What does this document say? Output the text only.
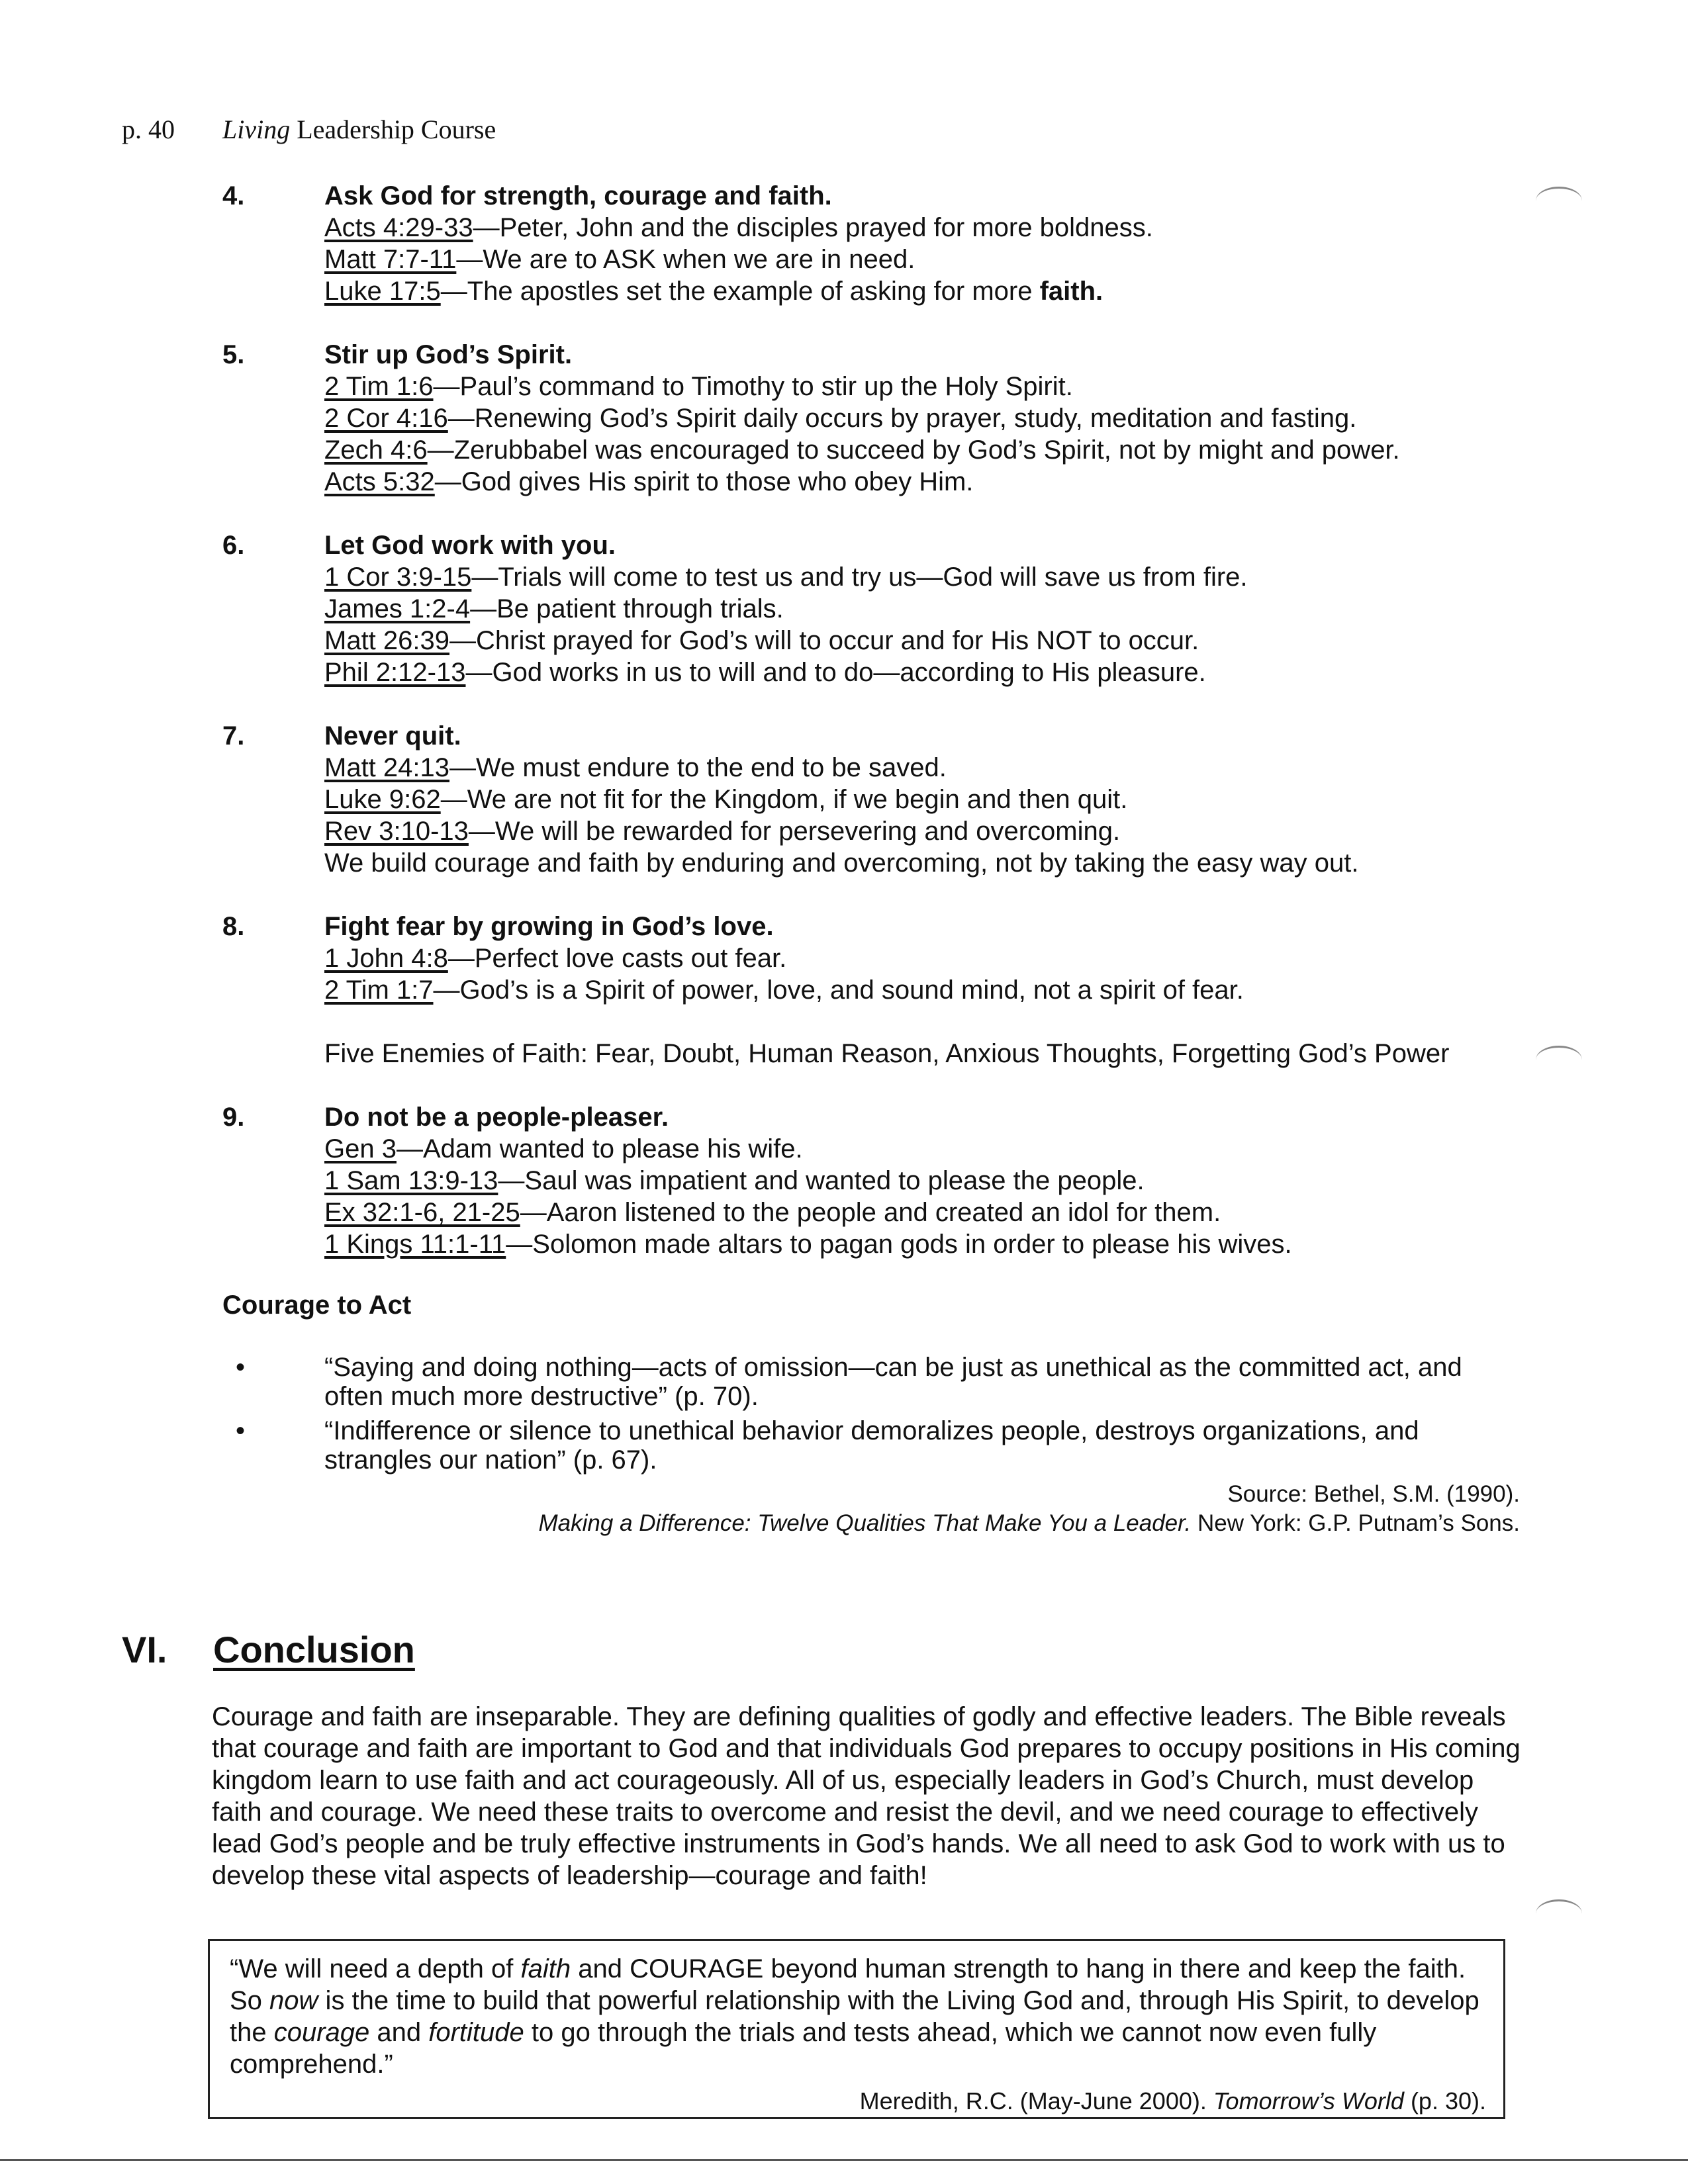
p. 40 Living Leadership Course
4.	Ask God for strength, courage and faith.
Acts 4:29-33—Peter, John and the disciples prayed for more boldness.
Matt 7:7-11—We are to ASK when we are in need.
Luke 17:5—The apostles set the example of asking for more faith.
5.	Stir up God’s Spirit.
2 Tim 1:6—Paul’s command to Timothy to stir up the Holy Spirit.
2 Cor 4:16—Renewing God’s Spirit daily occurs by prayer, study, meditation and fasting.
Zech 4:6—Zerubbabel was encouraged to succeed by God’s Spirit, not by might and power.
Acts 5:32—God gives His spirit to those who obey Him.
6.	Let God work with you.
1 Cor 3:9-15—Trials will come to test us and try us—God will save us from fire.
James 1:2-4—Be patient through trials.
Matt 26:39—Christ prayed for God’s will to occur and for His NOT to occur.
Phil 2:12-13—God works in us to will and to do—according to His pleasure.
7.	Never quit.
Matt 24:13—We must endure to the end to be saved.
Luke 9:62—We are not fit for the Kingdom, if we begin and then quit.
Rev 3:10-13—We will be rewarded for persevering and overcoming.
We build courage and faith by enduring and overcoming, not by taking the easy way out.
8.	Fight fear by growing in God’s love.
1 John 4:8—Perfect love casts out fear.
2 Tim 1:7—God’s is a Spirit of power, love, and sound mind, not a spirit of fear.
Five Enemies of Faith: Fear, Doubt, Human Reason, Anxious Thoughts, Forgetting God’s Power
9.	Do not be a people-pleaser.
Gen 3—Adam wanted to please his wife.
1 Sam 13:9-13—Saul was impatient and wanted to please the people.
Ex 32:1-6, 21-25—Aaron listened to the people and created an idol for them.
1 Kings 11:1-11—Solomon made altars to pagan gods in order to please his wives.
Courage to Act
•	“Saying and doing nothing—acts of omission—can be just as unethical as the committed act, and often much more destructive” (p. 70).
•	“Indifference or silence to unethical behavior demoralizes people, destroys organizations, and strangles our nation” (p. 67).
Source: Bethel, S.M. (1990).
Making a Difference: Twelve Qualities That Make You a Leader. New York: G.P. Putnam’s Sons.
VI. Conclusion
Courage and faith are inseparable. They are defining qualities of godly and effective leaders. The Bible reveals that courage and faith are important to God and that individuals God prepares to occupy positions in His coming kingdom learn to use faith and act courageously. All of us, especially leaders in God’s Church, must develop faith and courage. We need these traits to overcome and resist the devil, and we need courage to effectively lead God’s people and be truly effective instruments in God’s hands. We all need to ask God to work with us to develop these vital aspects of leadership—courage and faith!
“We will need a depth of faith and COURAGE beyond human strength to hang in there and keep the faith. So now is the time to build that powerful relationship with the Living God and, through His Spirit, to develop the courage and fortitude to go through the trials and tests ahead, which we cannot now even fully comprehend.”
Meredith, R.C. (May-June 2000). Tomorrow’s World (p. 30).
